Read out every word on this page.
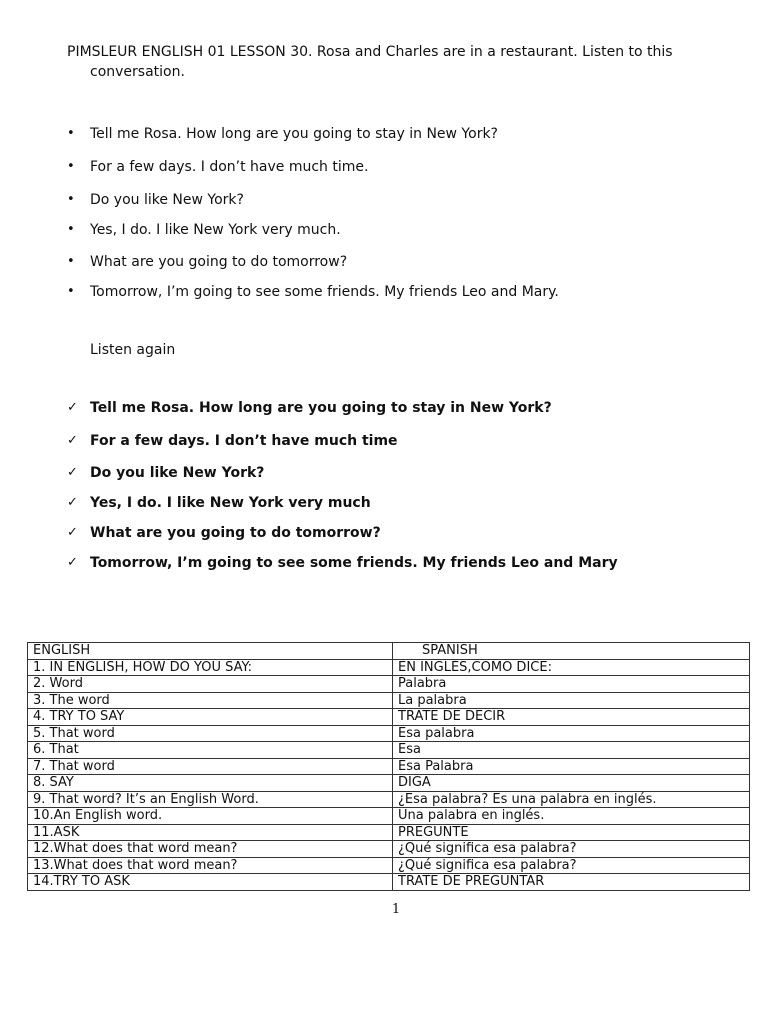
PIMSLEUR ENGLISH 01 LESSON 30. Rosa and Charles are in a restaurant. Listen to this conversation.
•	Tell me Rosa. How long are you going to stay in New York?
•	For a few days. I don’t have much time.
•	Do you like New York?
•	Yes, I do. I like New York very much.
•	What are you going to do tomorrow?
•	Tomorrow, I’m going to see some friends. My friends Leo and Mary.
Listen again
✓ Tell me Rosa. How long are you going to stay in New York?
✓ For a few days. I don’t have much time
✓ Do you like New York?
✓ Yes, I do. I like New York very much
✓ What are you going to do tomorrow?
✓ Tomorrow, I’m going to see some friends. My friends Leo and Mary
ENGLISH	SPANISH
1. IN ENGLISH, HOW DO YOU SAY:	EN INGLÉS,CÓMO DICE:
2. Word	Palabra
3. The word	La palabra
4. TRY TO SAY	TRATE DE DECIR
5. That word	Esa palabra
6. That	Esa
7. That word	Esa Palabra
8. SAY	DIGA
9. That word? It’s an English Word.	¿Esa palabra? Es una palabra en inglés.
10.An English word.	Una palabra en inglés.
11.ASK	PREGUNTE
12.What does that word mean?	¿Qué significa esa palabra?
13.What does that word mean?	¿Qué significa esa palabra?
14.TRY TO ASK	TRATE DE PREGUNTAR
1
